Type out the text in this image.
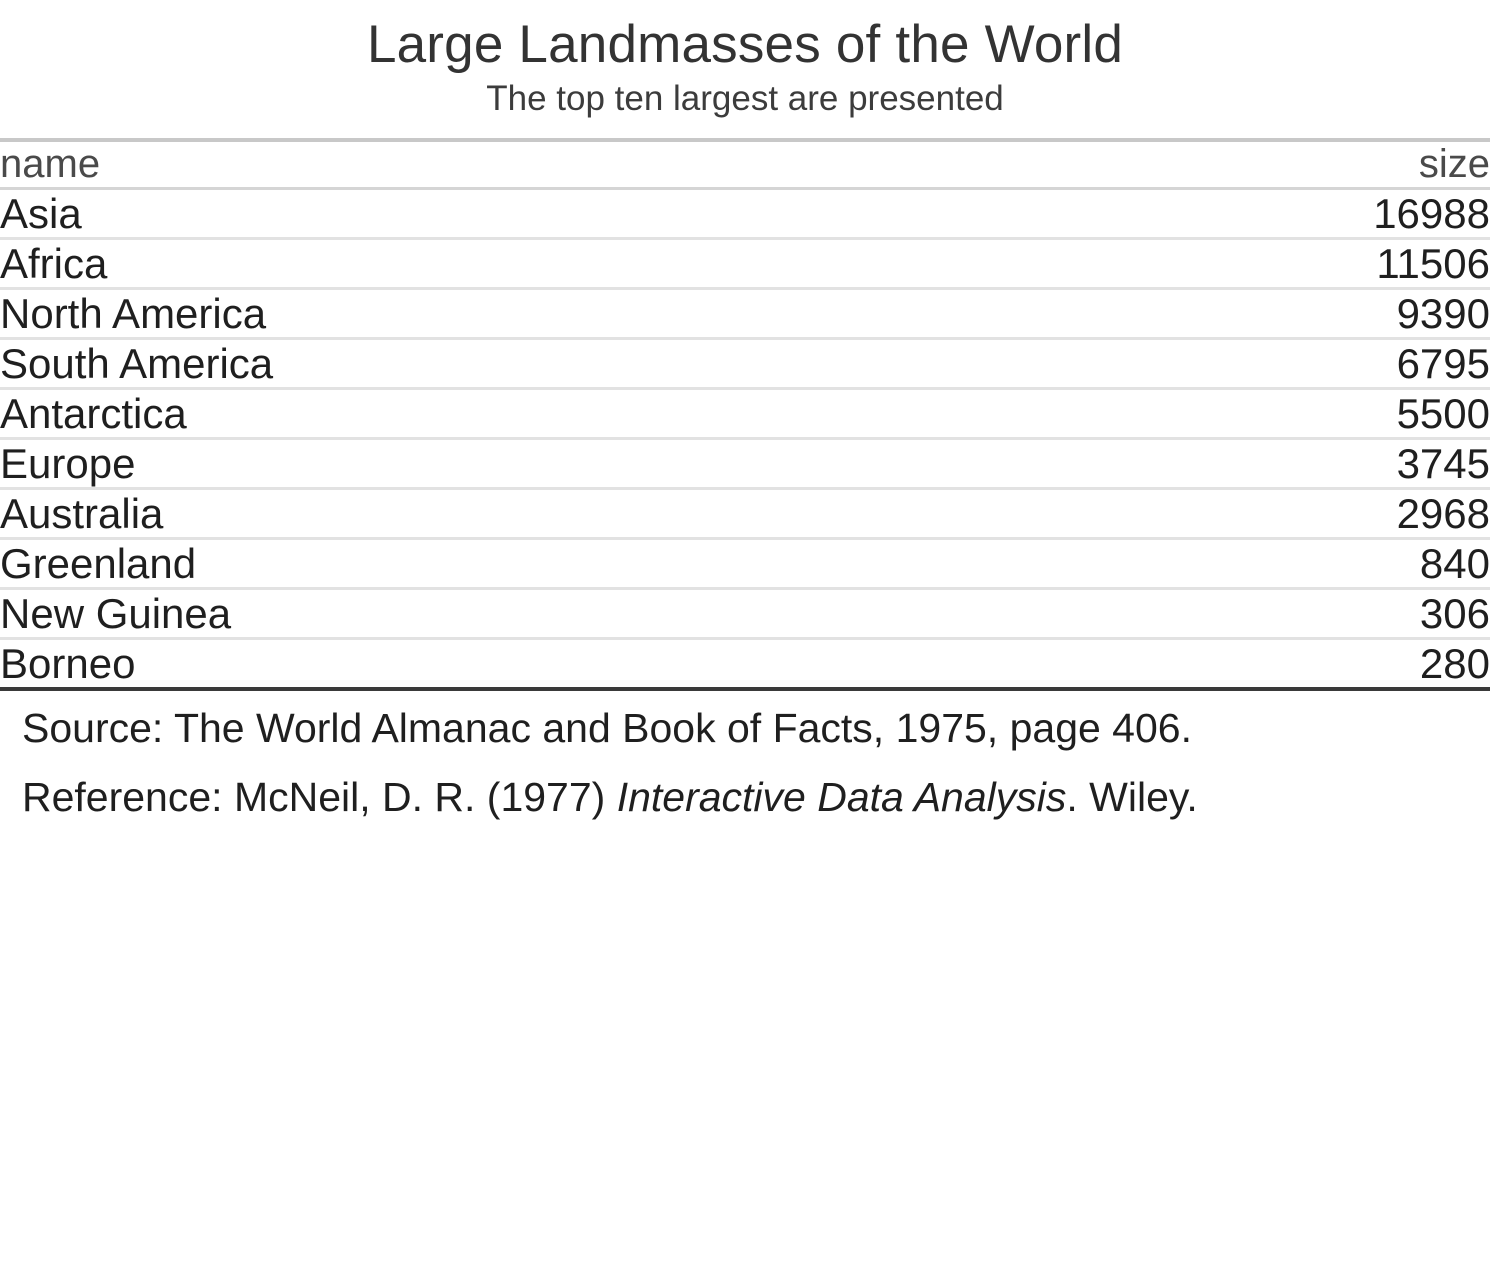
Large Landmasses of the World
The top ten largest are presented
name	size
Asia	16988
Africa	11506
North America	9390
South America	6795
Antarctica	5500
Europe	3745
Australia	2968
Greenland	840
New Guinea	306
Borneo	280
Source: The World Almanac and Book of Facts, 1975, page 406.
Reference: McNeil, D. R. (1977) Interactive Data Analysis. Wiley.
